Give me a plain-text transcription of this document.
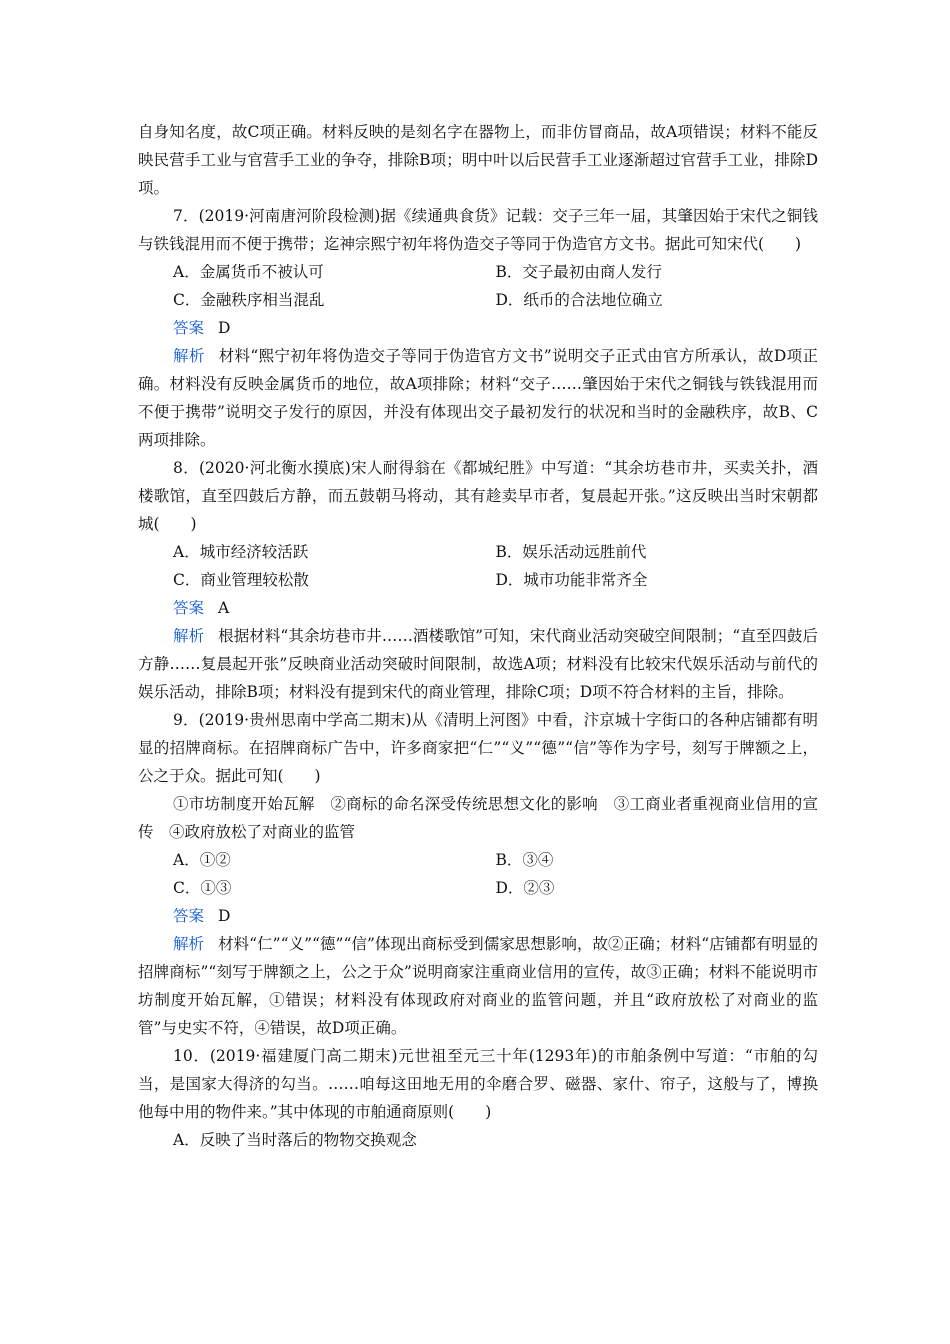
自身知名度，故C项正确。材料反映的是刻名字在器物上，而非仿冒商品，故A项错误；材料不能反映民营手工业与官营手工业的争夺，排除B项；明中叶以后民营手工业逐渐超过官营手工业，排除D项。

7．(2019·河南唐河阶段检测)据《续通典食货》记载：交子三年一届，其肇因始于宋代之铜钱与铁钱混用而不便于携带；迄神宗熙宁初年将伪造交子等同于伪造官方文书。据此可知宋代(　　)

A．金属货币不被认可	B．交子最初由商人发行
C．金融秩序相当混乱	D．纸币的合法地位确立
答案 D

解析 材料“熙宁初年将伪造交子等同于伪造官方文书”说明交子正式由官方所承认，故D项正确。材料没有反映金属货币的地位，故A项排除；材料“交子……肇因始于宋代之铜钱与铁钱混用而不便于携带”说明交子发行的原因，并没有体现出交子最初发行的状况和当时的金融秩序，故B、C两项排除。

8．(2020·河北衡水摸底)宋人耐得翁在《都城纪胜》中写道：“其余坊巷市井，买卖关扑，酒楼歌馆，直至四鼓后方静，而五鼓朝马将动，其有趁卖早市者，复晨起开张。”这反映出当时宋朝都城(　　)

A．城市经济较活跃	B．娱乐活动远胜前代
C．商业管理较松散	D．城市功能非常齐全
答案 A

解析 根据材料“其余坊巷市井……酒楼歌馆”可知，宋代商业活动突破空间限制；“直至四鼓后方静……复晨起开张”反映商业活动突破时间限制，故选A项；材料没有比较宋代娱乐活动与前代的娱乐活动，排除B项；材料没有提到宋代的商业管理，排除C项；D项不符合材料的主旨，排除。

9．(2019·贵州思南中学高二期末)从《清明上河图》中看，汴京城十字街口的各种店铺都有明显的招牌商标。在招牌商标广告中，许多商家把“仁”“义”“德”“信”等作为字号，刻写于牌额之上，公之于众。据此可知(　　)

①市坊制度开始瓦解　②商标的命名深受传统思想文化的影响　③工商业者重视商业信用的宣传　④政府放松了对商业的监管

A．①②	B．③④
C．①③	D．②③
答案 D

解析 材料“仁”“义”“德”“信”体现出商标受到儒家思想影响，故②正确；材料“店铺都有明显的招牌商标”“刻写于牌额之上，公之于众”说明商家注重商业信用的宣传，故③正确；材料不能说明市坊制度开始瓦解，①错误；材料没有体现政府对商业的监管问题，并且“政府放松了对商业的监管”与史实不符，④错误，故D项正确。

10．(2019·福建厦门高二期末)元世祖至元三十年(1293年)的市舶条例中写道：“市舶的勾当，是国家大得济的勾当。……咱每这田地无用的伞磨合罗、磁器、家什、帘子，这般与了，博换他每中用的物件来。”其中体现的市舶通商原则(　　)

A．反映了当时落后的物物交换观念
